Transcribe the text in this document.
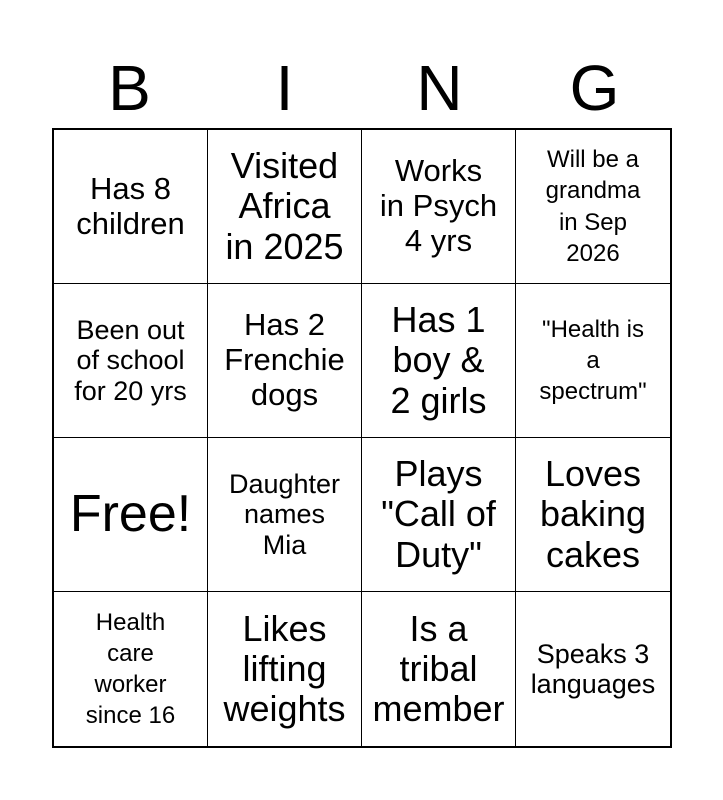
B	I	N	G
Has 8
children
Visited
Africa
in 2025
Works
in Psych
4 yrs
Will be a
grandma
in Sep
2026
Been out
of school
for 20 yrs
Has 2
Frenchie
dogs
Has 1
boy &
2 girls
"Health is
a
spectrum"
Free!
Daughter
names
Mia
Plays
"Call of
Duty"
Loves
baking
cakes
Health
care
worker
since 16
Likes
lifting
weights
Is a
tribal
member
Speaks 3
languages
